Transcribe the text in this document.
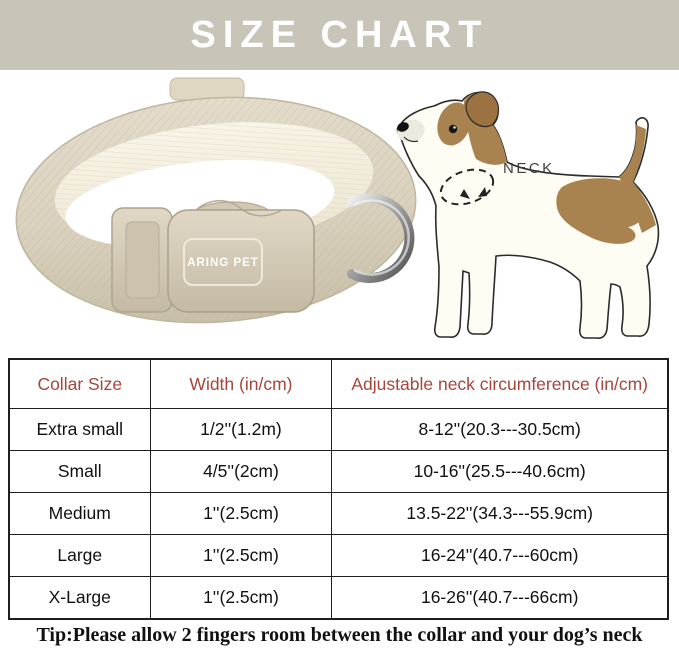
SIZE CHART
ARING PET
NECK
Collar Size	Width (in/cm)	Adjustable neck circumference (in/cm)
Extra small	1/2''(1.2m)	8-12''(20.3---30.5cm)
Small	4/5''(2cm)	10-16''(25.5---40.6cm)
Medium	1''(2.5cm)	13.5-22''(34.3---55.9cm)
Large	1''(2.5cm)	16-24''(40.7---60cm)
X-Large	1''(2.5cm)	16-26''(40.7---66cm)
Tip:Please allow 2 fingers room between the collar and your dog’s neck
